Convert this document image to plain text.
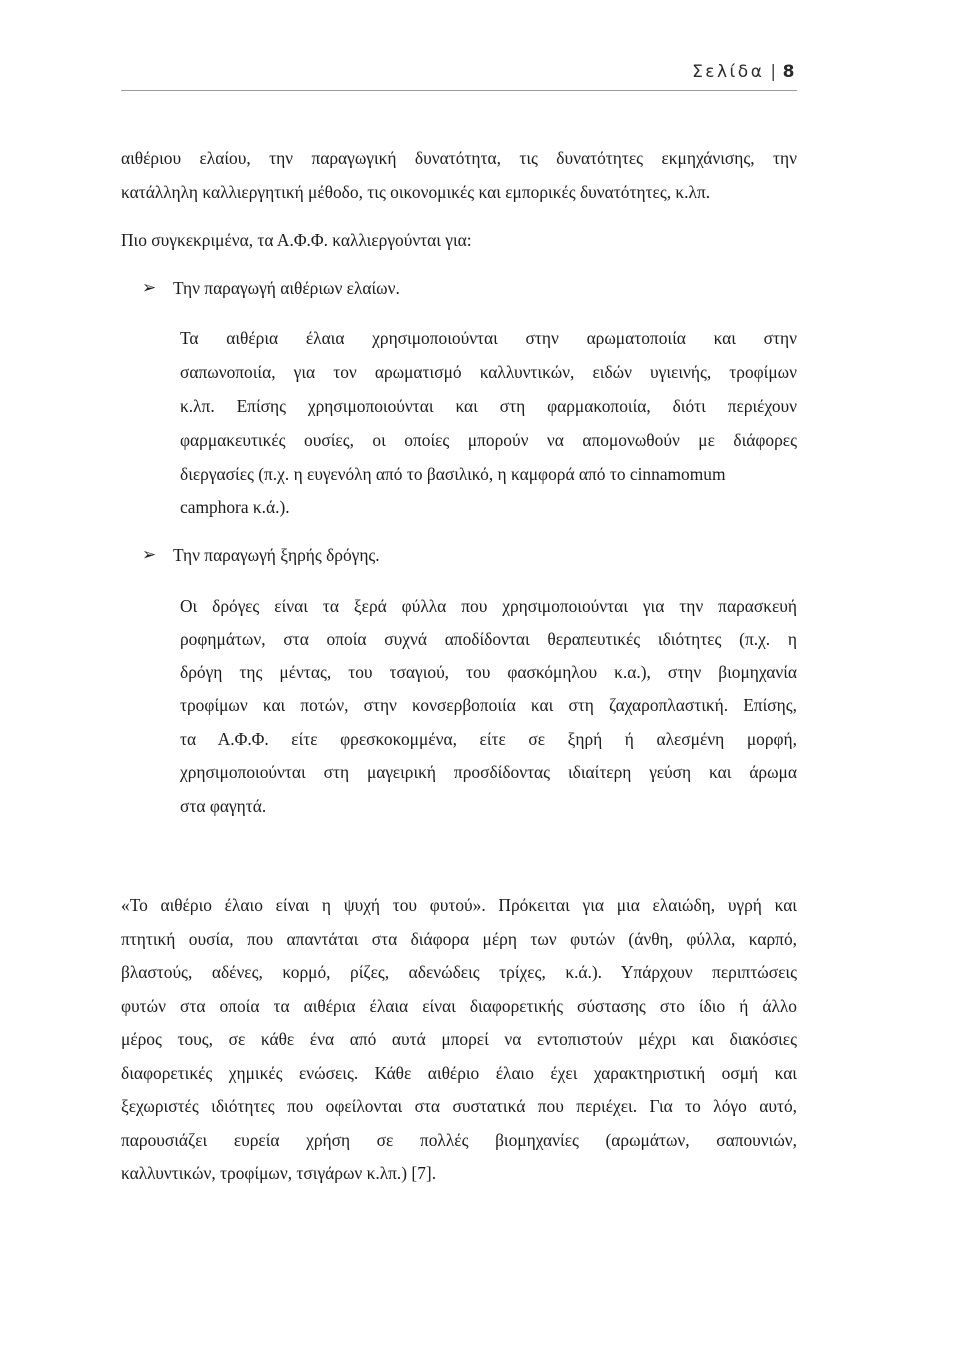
Σελίδα | 8
αιθέριου ελαίου, την παραγωγική δυνατότητα, τις δυνατότητες εκμηχάνισης, την
κατάλληλη καλλιεργητική μέθοδο, τις οικονομικές και εμπορικές δυνατότητες, κ.λπ.
Πιο συγκεκριμένα, τα Α.Φ.Φ. καλλιεργούνται για:
➢ Την παραγωγή αιθέριων ελαίων.
Τα αιθέρια έλαια χρησιμοποιούνται στην αρωματοποιία και στην
σαπωνοποιία, για τον αρωματισμό καλλυντικών, ειδών υγιεινής, τροφίμων
κ.λπ. Επίσης χρησιμοποιούνται και στη φαρμακοποιία, διότι περιέχουν
φαρμακευτικές ουσίες, οι οποίες μπορούν να απομονωθούν με διάφορες
διεργασίες (π.χ. η ευγενόλη από το βασιλικό, η καμφορά από το cinnamomum
camphora κ.ά.).
➢ Την παραγωγή ξηρής δρόγης.
Οι δρόγες είναι τα ξερά φύλλα που χρησιμοποιούνται για την παρασκευή
ροφημάτων, στα οποία συχνά αποδίδονται θεραπευτικές ιδιότητες (π.χ. η
δρόγη της μέντας, του τσαγιού, του φασκόμηλου κ.α.), στην βιομηχανία
τροφίμων και ποτών, στην κονσερβοποιία και στη ζαχαροπλαστική. Επίσης,
τα Α.Φ.Φ. είτε φρεσκοκομμένα, είτε σε ξηρή ή αλεσμένη μορφή,
χρησιμοποιούνται στη μαγειρική προσδίδοντας ιδιαίτερη γεύση και άρωμα
στα φαγητά.
«Το αιθέριο έλαιο είναι η ψυχή του φυτού». Πρόκειται για μια ελαιώδη, υγρή και
πτητική ουσία, που απαντάται στα διάφορα μέρη των φυτών (άνθη, φύλλα, καρπό,
βλαστούς, αδένες, κορμό, ρίζες, αδενώδεις τρίχες, κ.ά.). Υπάρχουν περιπτώσεις
φυτών στα οποία τα αιθέρια έλαια είναι διαφορετικής σύστασης στο ίδιο ή άλλο
μέρος τους, σε κάθε ένα από αυτά μπορεί να εντοπιστούν μέχρι και διακόσιες
διαφορετικές χημικές ενώσεις. Κάθε αιθέριο έλαιο έχει χαρακτηριστική οσμή και
ξεχωριστές ιδιότητες που οφείλονται στα συστατικά που περιέχει. Για το λόγο αυτό,
παρουσιάζει ευρεία χρήση σε πολλές βιομηχανίες (αρωμάτων, σαπουνιών,
καλλυντικών, τροφίμων, τσιγάρων κ.λπ.) [7].
